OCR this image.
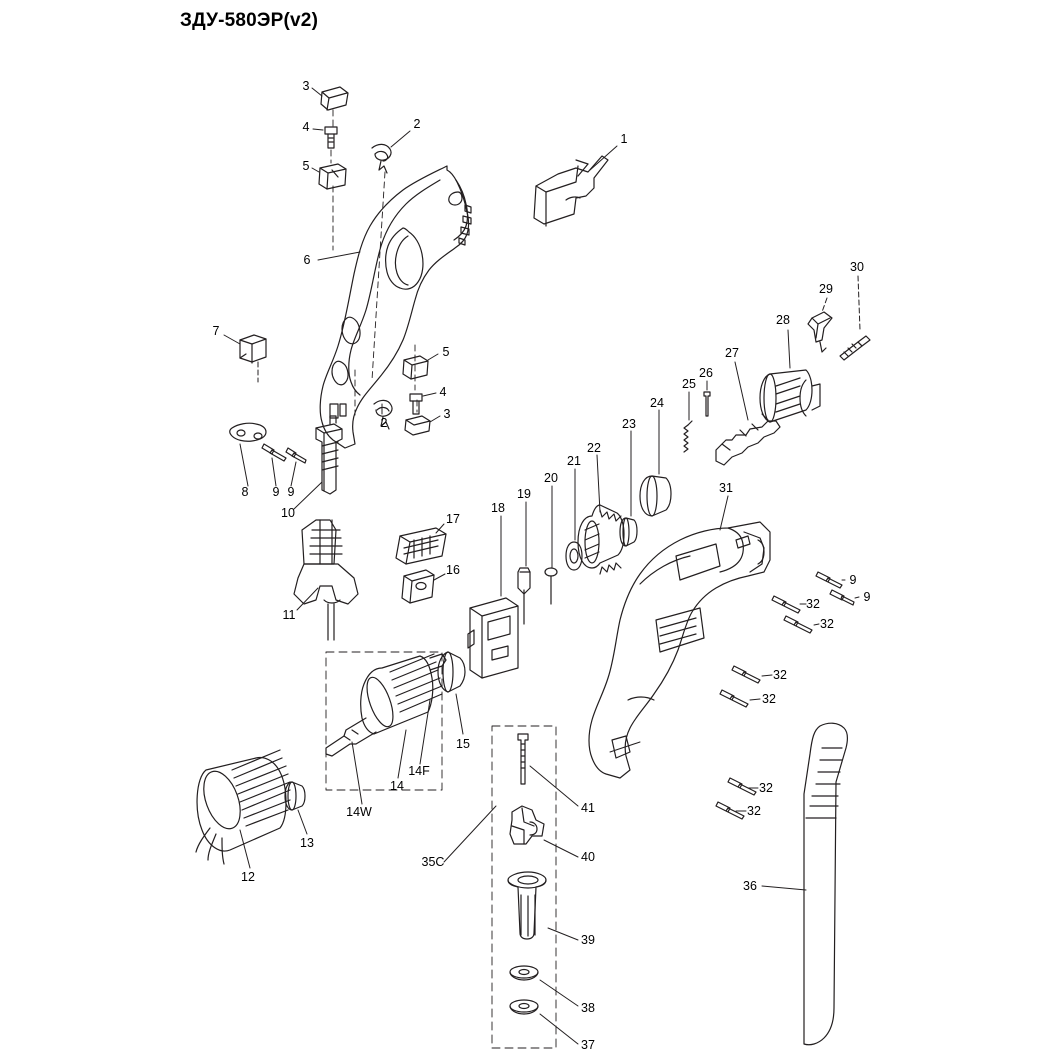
ЗДУ-580ЭР(v2)
3
4	2
5
1
6	30
29
28
7
5	27
26
25
4
2
24
23
3
22
21
20
8 9 9	19
18
10
31
17
16
9
11
32	9
32
15
14F
14
14W
13
12
32
32
41
32
32
40
35C
36
39
38
37
